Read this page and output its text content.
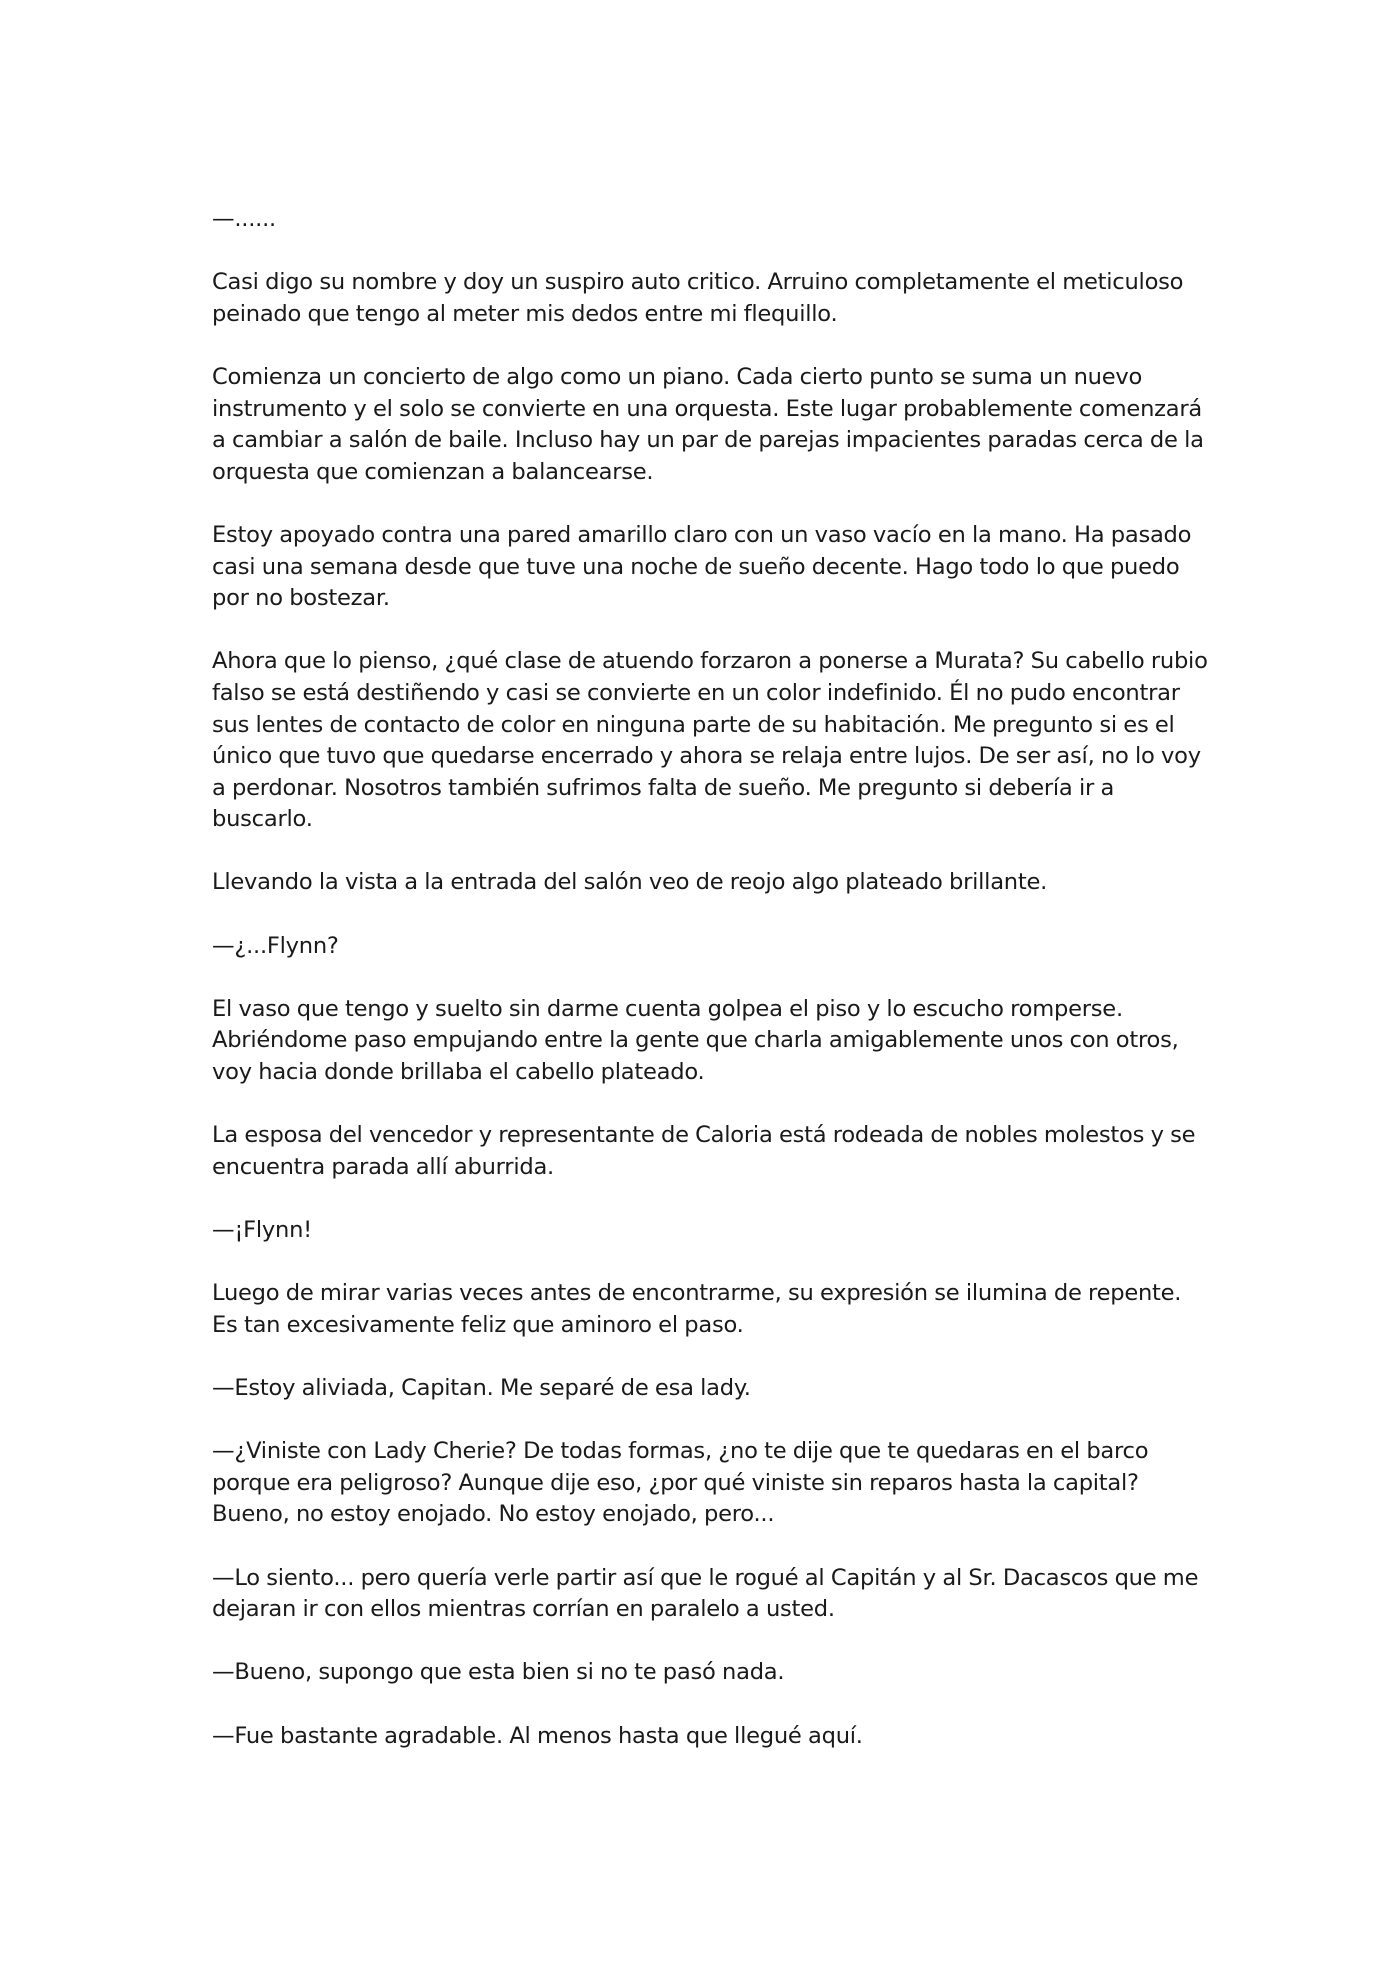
—......

Casi digo su nombre y doy un suspiro auto critico. Arruino completamente el meticuloso peinado que tengo al meter mis dedos entre mi flequillo.

Comienza un concierto de algo como un piano. Cada cierto punto se suma un nuevo instrumento y el solo se convierte en una orquesta. Este lugar probablemente comenzará a cambiar a salón de baile. Incluso hay un par de parejas impacientes paradas cerca de la orquesta que comienzan a balancearse.

Estoy apoyado contra una pared amarillo claro con un vaso vacío en la mano. Ha pasado casi una semana desde que tuve una noche de sueño decente. Hago todo lo que puedo por no bostezar.

Ahora que lo pienso, ¿qué clase de atuendo forzaron a ponerse a Murata? Su cabello rubio falso se está destiñendo y casi se convierte en un color indefinido. Él no pudo encontrar sus lentes de contacto de color en ninguna parte de su habitación. Me pregunto si es el único que tuvo que quedarse encerrado y ahora se relaja entre lujos. De ser así, no lo voy a perdonar. Nosotros también sufrimos falta de sueño. Me pregunto si debería ir a buscarlo.

Llevando la vista a la entrada del salón veo de reojo algo plateado brillante.

—¿...Flynn?

El vaso que tengo y suelto sin darme cuenta golpea el piso y lo escucho romperse. Abriéndome paso empujando entre la gente que charla amigablemente unos con otros, voy hacia donde brillaba el cabello plateado.

La esposa del vencedor y representante de Caloria está rodeada de nobles molestos y se encuentra parada allí aburrida.

—¡Flynn!

Luego de mirar varias veces antes de encontrarme, su expresión se ilumina de repente. Es tan excesivamente feliz que aminoro el paso.

—Estoy aliviada, Capitan. Me separé de esa lady.

—¿Viniste con Lady Cherie? De todas formas, ¿no te dije que te quedaras en el barco porque era peligroso? Aunque dije eso, ¿por qué viniste sin reparos hasta la capital? Bueno, no estoy enojado. No estoy enojado, pero...

—Lo siento... pero quería verle partir así que le rogué al Capitán y al Sr. Dacascos que me dejaran ir con ellos mientras corrían en paralelo a usted.

—Bueno, supongo que esta bien si no te pasó nada.

—Fue bastante agradable. Al menos hasta que llegué aquí.
